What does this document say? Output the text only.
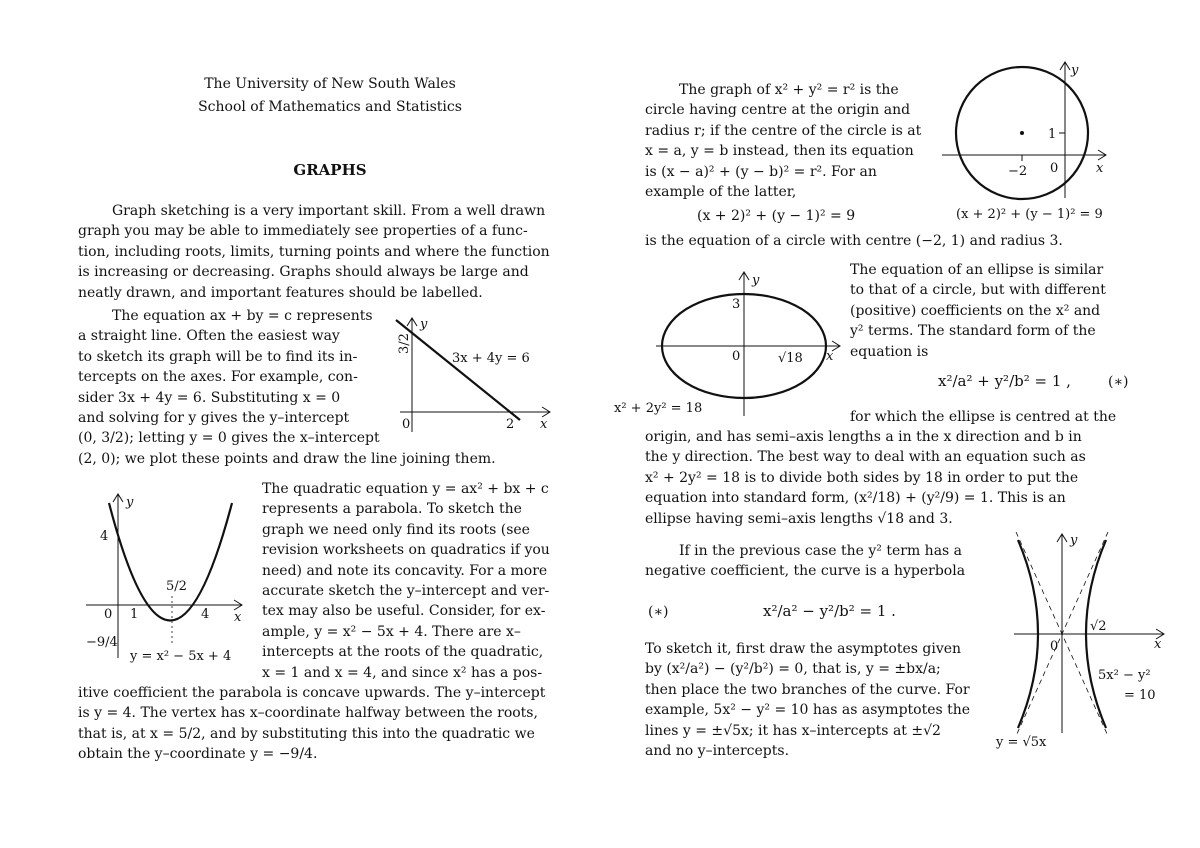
The University of New South Wales
School of Mathematics and Statistics
GRAPHS
Graph sketching is a very important skill. From a well drawn
graph you may be able to immediately see properties of a func-
tion, including roots, limits, turning points and where the function
is increasing or decreasing. Graphs should always be large and
neatly drawn, and important features should be labelled.
The equation ax + by = c represents
a straight line. Often the easiest way
to sketch its graph will be to find its in-
tercepts on the axes. For example, con-
sider 3x + 4y = 6. Substituting x = 0
and solving for y gives the y–intercept
(0, 3/2); letting y = 0 gives the x–intercept
(2, 0); we plot these points and draw the line joining them.
y
x
3/2
3x + 4y = 6
0	2
The quadratic equation y = ax² + bx + c
represents a parabola. To sketch the
graph we need only find its roots (see
revision worksheets on quadratics if you
need) and note its concavity. For a more
accurate sketch the y–intercept and ver-
tex may also be useful. Consider, for ex-
ample, y = x² − 5x + 4. There are x–
intercepts at the roots of the quadratic,
x = 1 and x = 4, and since x² has a pos-
itive coefficient the parabola is concave upwards. The y–intercept
is y = 4. The vertex has x–coordinate halfway between the roots,
that is, at x = 5/2, and by substituting this into the quadratic we
obtain the y–coordinate y = −9/4.
y
x
4
5/2
0 1	4
−9/4
y = x² − 5x + 4
The graph of x² + y² = r² is the
circle having centre at the origin and
radius r; if the centre of the circle is at
x = a, y = b instead, then its equation
is (x − a)² + (y − b)² = r². For an
example of the latter,
(x + 2)² + (y − 1)² = 9
is the equation of a circle with centre (−2, 1) and radius 3.
y
x
1
−2 0
(x + 2)² + (y − 1)² = 9
y
x
3
0	√18
x² + 2y² = 18
The equation of an ellipse is similar
to that of a circle, but with different
(positive) coefficients on the x² and
y² terms. The standard form of the
equation is
x²/a² + y²/b² = 1 ,	(∗)
for which the ellipse is centred at the
origin, and has semi–axis lengths a in the x direction and b in
the y direction. The best way to deal with an equation such as
x² + 2y² = 18 is to divide both sides by 18 in order to put the
equation into standard form, (x²/18) + (y²/9) = 1. This is an
ellipse having semi–axis lengths √18 and 3.
If in the previous case the y² term has a
negative coefficient, the curve is a hyperbola
(∗)	x²/a² − y²/b² = 1 .
To sketch it, first draw the asymptotes given
by (x²/a²) − (y²/b²) = 0, that is, y = ±bx/a;
then place the two branches of the curve. For
example, 5x² − y² = 10 has as asymptotes the
lines y = ±√5x; it has x–intercepts at ±√2
and no y–intercepts.
y
x
0
√2
5x² − y²
= 10
y = √5x
